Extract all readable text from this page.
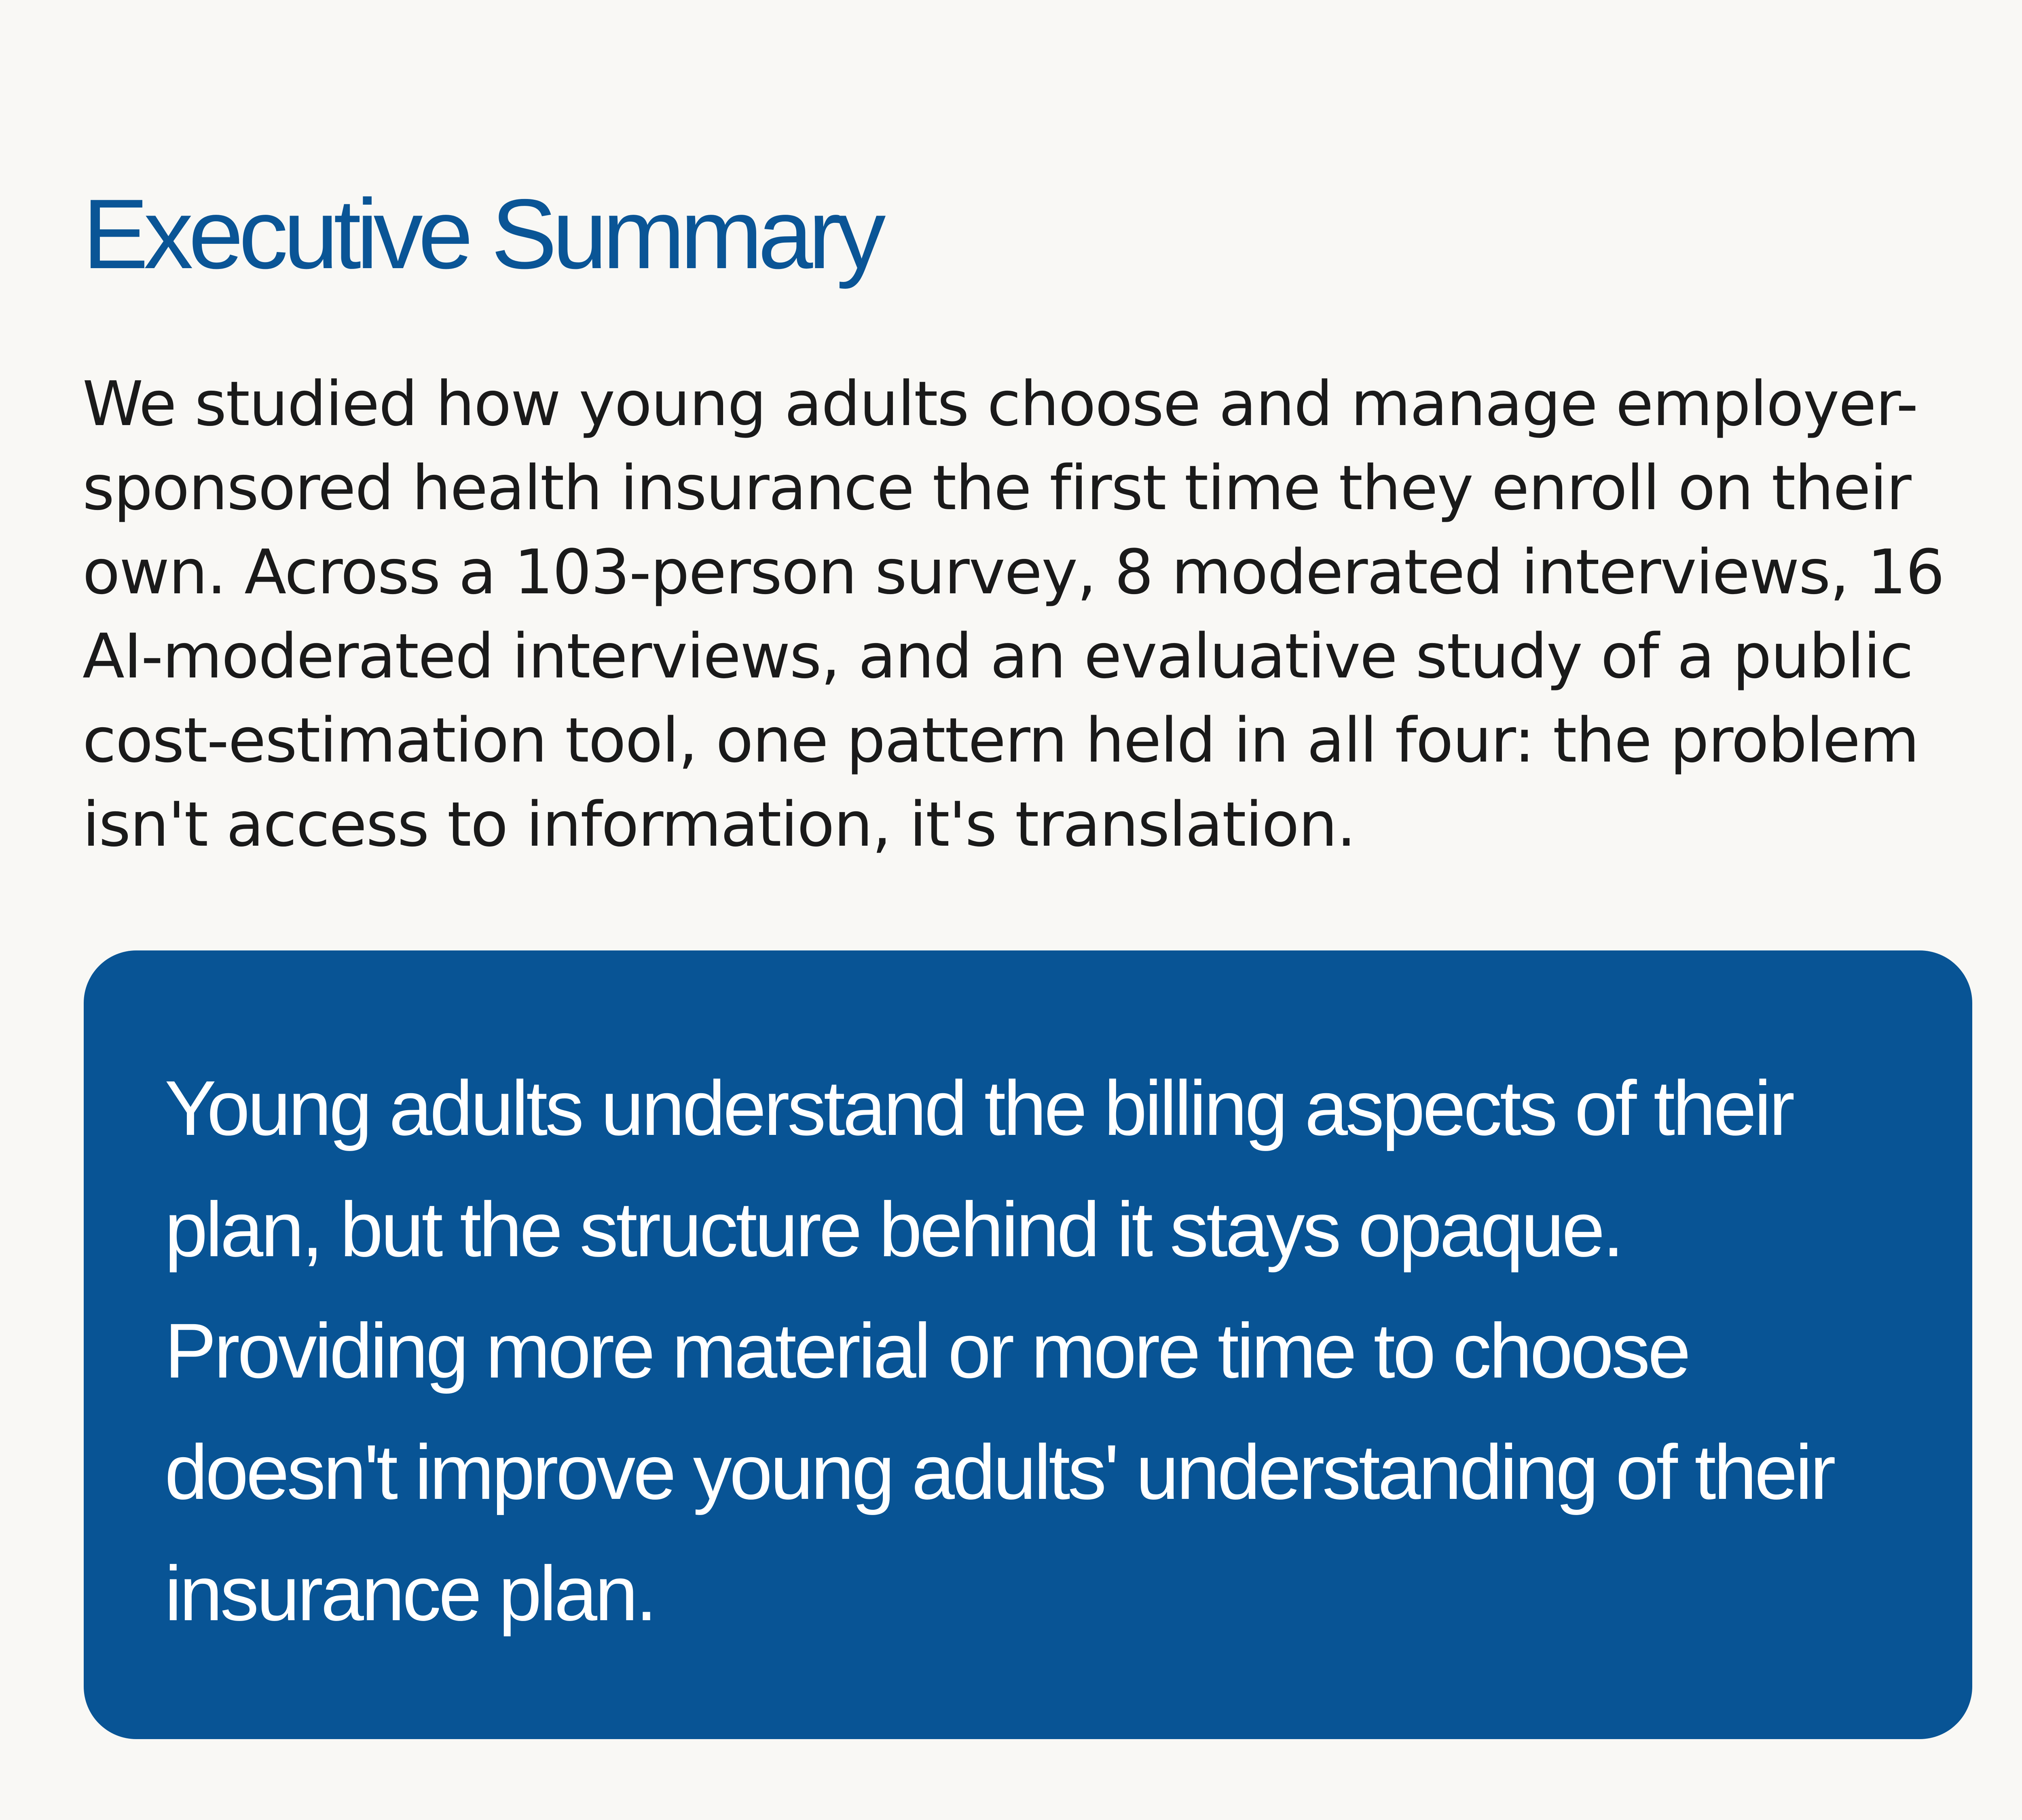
Executive Summary

We studied how young adults choose and manage employer-sponsored health insurance the first time they enroll on their own. Across a 103-person survey, 8 moderated interviews, 16 AI-moderated interviews, and an evaluative study of a public cost-estimation tool, one pattern held in all four: the problem isn't access to information, it's translation.

Young adults understand the billing aspects of their plan, but the structure behind it stays opaque. Providing more material or more time to choose doesn't improve young adults' understanding of their insurance plan.
